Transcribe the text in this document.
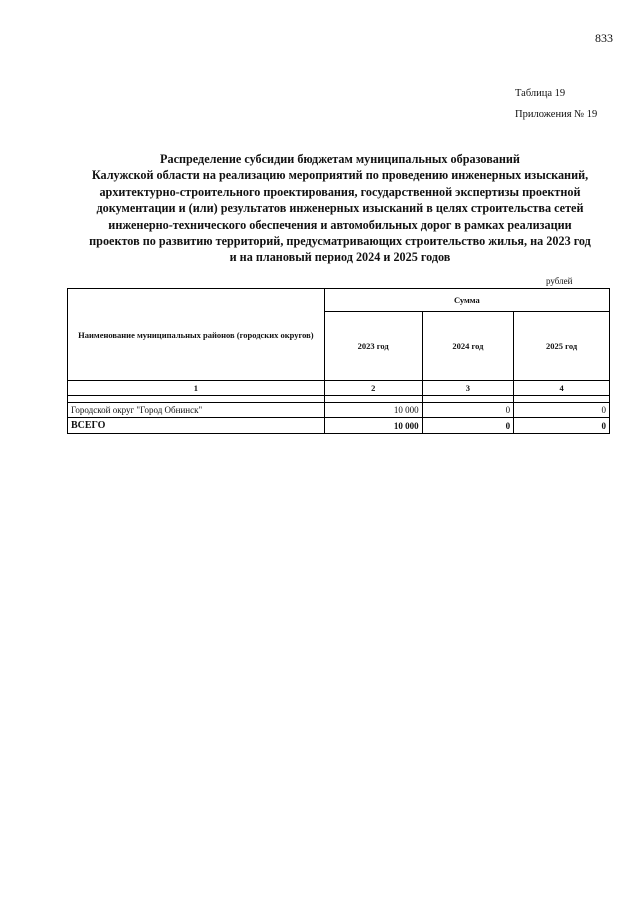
833
Таблица 19
Приложения № 19
Распределение субсидии бюджетам муниципальных образований
Калужской области на реализацию мероприятий по проведению инженерных изысканий,
архитектурно-строительного проектирования, государственной экспертизы проектной
документации и (или) результатов инженерных изысканий в целях строительства сетей
инженерно-технического обеспечения и автомобильных дорог в рамках реализации
проектов по развитию территорий, предусматривающих строительство жилья, на 2023 год
и на плановый период 2024 и 2025 годов
рублей
Наименование муниципальных районов (городских округов)	Сумма		
	2023 год	2024 год	2025 год
1	2	3	4

Городской округ "Город Обнинск"	10 000	0	0
ВСЕГО	10 000	0	0
